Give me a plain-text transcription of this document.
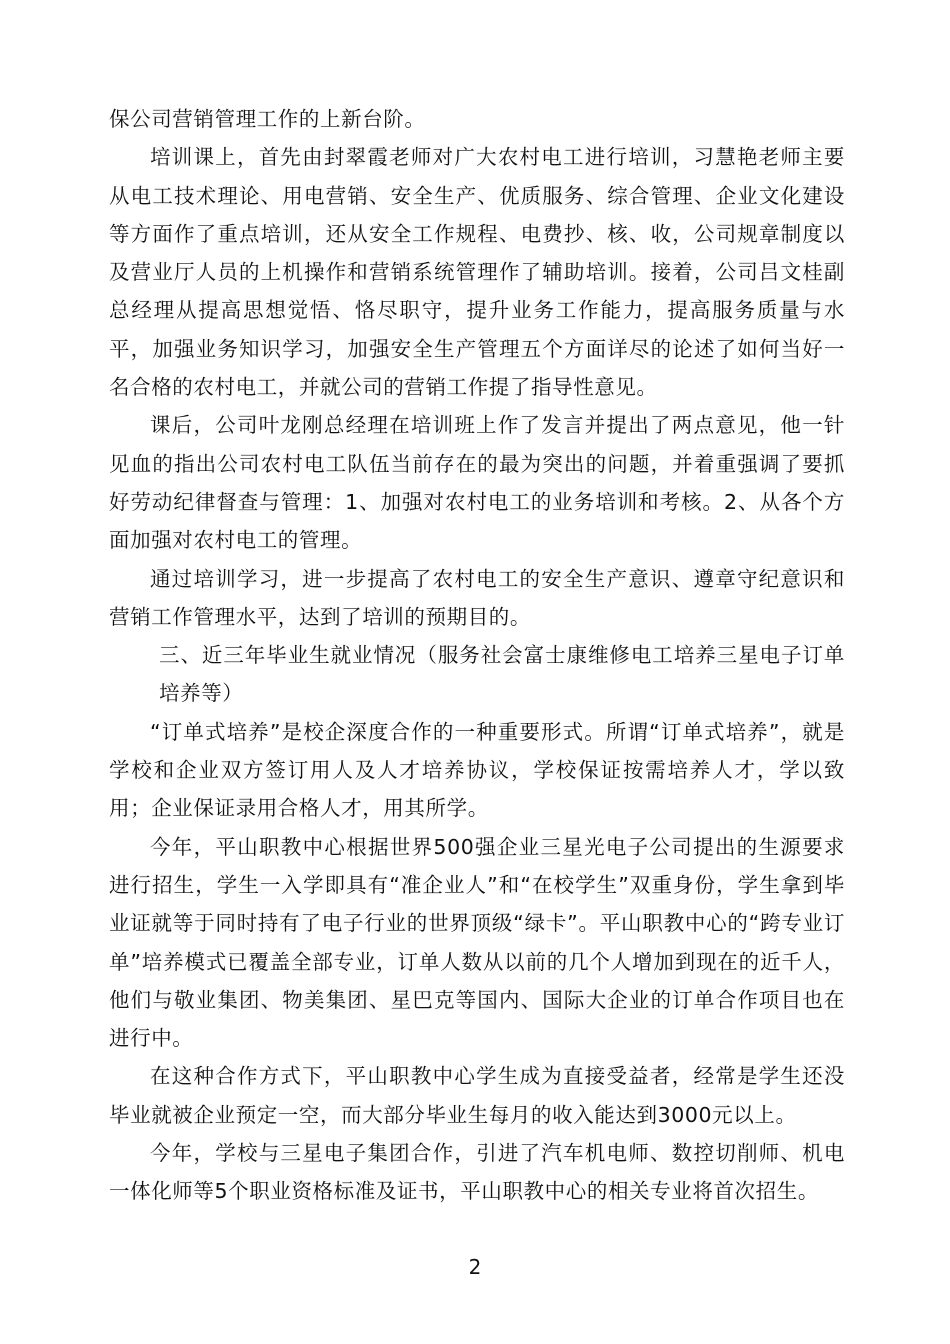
保公司营销管理工作的上新台阶。

培训课上，首先由封翠霞老师对广大农村电工进行培训，习慧艳老师主要从电工技术理论、用电营销、安全生产、优质服务、综合管理、企业文化建设等方面作了重点培训，还从安全工作规程、电费抄、核、收，公司规章制度以及营业厅人员的上机操作和营销系统管理作了辅助培训。接着，公司吕文桂副总经理从提高思想觉悟、恪尽职守，提升业务工作能力，提高服务质量与水平，加强业务知识学习，加强安全生产管理五个方面详尽的论述了如何当好一名合格的农村电工，并就公司的营销工作提了指导性意见。

课后，公司叶龙刚总经理在培训班上作了发言并提出了两点意见，他一针见血的指出公司农村电工队伍当前存在的最为突出的问题，并着重强调了要抓好劳动纪律督查与管理：1、加强对农村电工的业务培训和考核。2、从各个方面加强对农村电工的管理。

通过培训学习，进一步提高了农村电工的安全生产意识、遵章守纪意识和营销工作管理水平，达到了培训的预期目的。

三、近三年毕业生就业情况（服务社会富士康维修电工培养三星电子订单培养等）

“订单式培养”是校企深度合作的一种重要形式。所谓“订单式培养”，就是学校和企业双方签订用人及人才培养协议，学校保证按需培养人才，学以致用；企业保证录用合格人才，用其所学。

今年，平山职教中心根据世界500强企业三星光电子公司提出的生源要求进行招生，学生一入学即具有“准企业人”和“在校学生”双重身份，学生拿到毕业证就等于同时持有了电子行业的世界顶级“绿卡”。平山职教中心的“跨专业订单”培养模式已覆盖全部专业，订单人数从以前的几个人增加到现在的近千人，他们与敬业集团、物美集团、星巴克等国内、国际大企业的订单合作项目也在进行中。

在这种合作方式下，平山职教中心学生成为直接受益者，经常是学生还没毕业就被企业预定一空，而大部分毕业生每月的收入能达到3000元以上。

今年，学校与三星电子集团合作，引进了汽车机电师、数控切削师、机电一体化师等5个职业资格标准及证书，平山职教中心的相关专业将首次招生。

2
